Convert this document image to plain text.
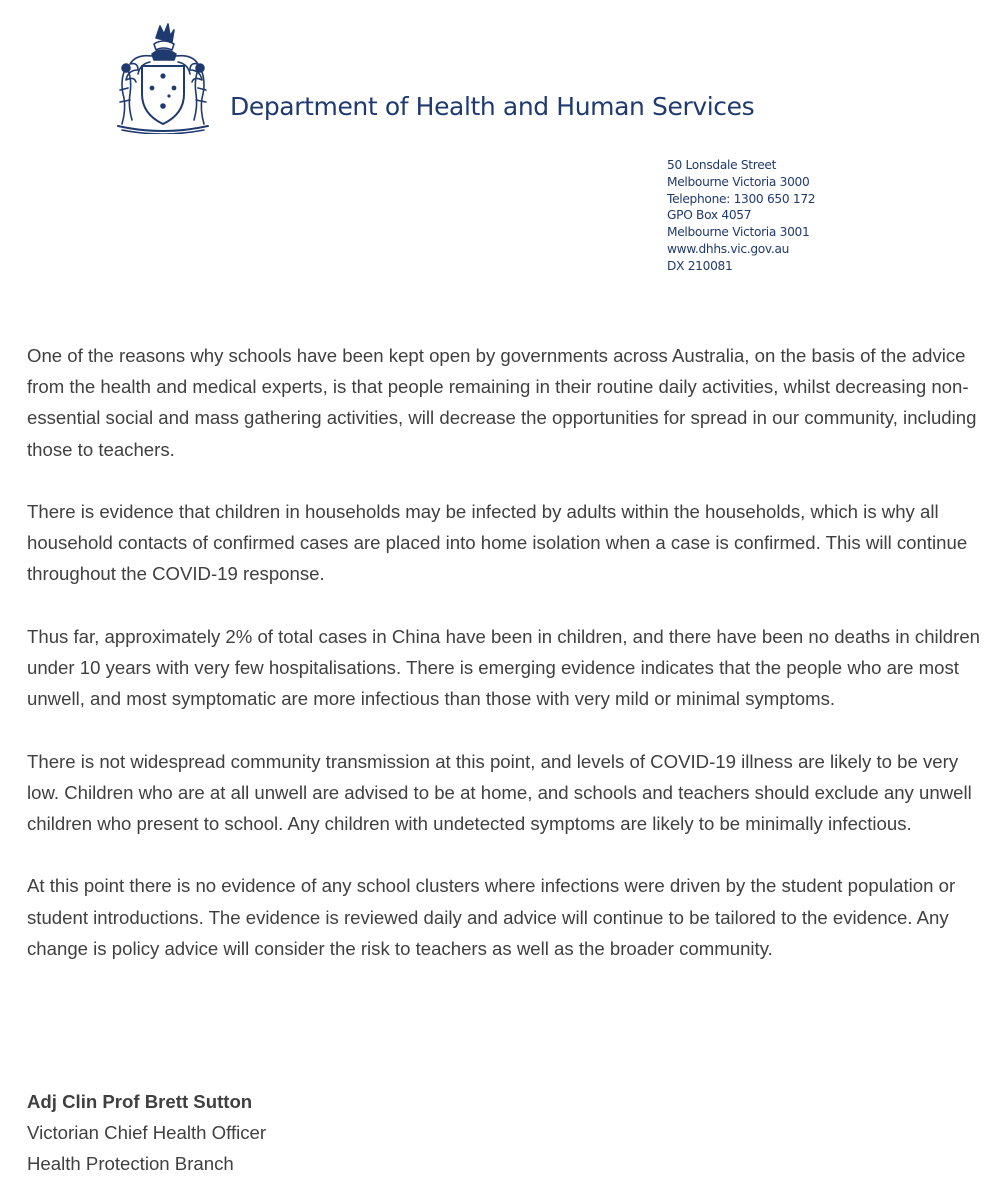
Department of Health and Human Services
50 Lonsdale Street
Melbourne Victoria 3000
Telephone: 1300 650 172
GPO Box 4057
Melbourne Victoria 3001
www.dhhs.vic.gov.au
DX 210081

One of the reasons why schools have been kept open by governments across Australia, on the basis of the advice from the health and medical experts, is that people remaining in their routine daily activities, whilst decreasing non-essential social and mass gathering activities, will decrease the opportunities for spread in our community, including those to teachers.

There is evidence that children in households may be infected by adults within the households, which is why all household contacts of confirmed cases are placed into home isolation when a case is confirmed. This will continue throughout the COVID-19 response.

Thus far, approximately 2% of total cases in China have been in children, and there have been no deaths in children under 10 years with very few hospitalisations. There is emerging evidence indicates that the people who are most unwell, and most symptomatic are more infectious than those with very mild or minimal symptoms.

There is not widespread community transmission at this point, and levels of COVID-19 illness are likely to be very low. Children who are at all unwell are advised to be at home, and schools and teachers should exclude any unwell children who present to school. Any children with undetected symptoms are likely to be minimally infectious.

At this point there is no evidence of any school clusters where infections were driven by the student population or student introductions. The evidence is reviewed daily and advice will continue to be tailored to the evidence. Any change is policy advice will consider the risk to teachers as well as the broader community.

Adj Clin Prof Brett Sutton
Victorian Chief Health Officer
Health Protection Branch
